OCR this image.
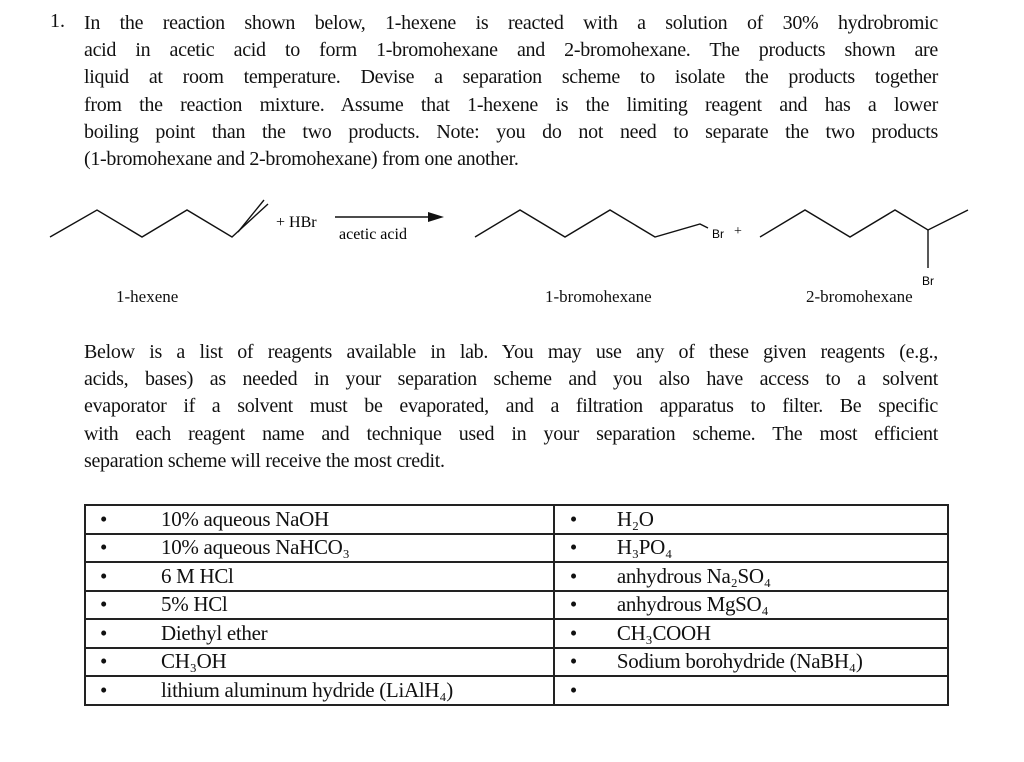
1. In the reaction shown below, 1-hexene is reacted with a solution of 30% hydrobromic
acid in acetic acid to form 1-bromohexane and 2-bromohexane. The products shown are
liquid at room temperature. Devise a separation scheme to isolate the products together
from the reaction mixture. Assume that 1-hexene is the limiting reagent and has a lower
boiling point than the two products. Note: you do not need to separate the two products
(1-bromohexane and 2-bromohexane) from one another.
+ HBr
acetic acid	Br +
Br
1-hexene	1-bromohexane	2-bromohexane
Below is a list of reagents available in lab. You may use any of these given reagents (e.g.,
acids, bases) as needed in your separation scheme and you also have access to a solvent
evaporator if a solvent must be evaporated, and a filtration apparatus to filter. Be specific
with each reagent name and technique used in your separation scheme. The most efficient
separation scheme will receive the most credit.
•	10% aqueous NaOH	•	H₂O
•	10% aqueous NaHCO₃	•	H₃PO₄
•	6 M HCl	•	anhydrous Na₂SO₄
•	5% HCl	•	anhydrous MgSO₄
•	Diethyl ether	•	CH₃COOH
•	CH₃OH	•	Sodium borohydride (NaBH₄)
•	lithium aluminum hydride (LiAlH₄)	•	
